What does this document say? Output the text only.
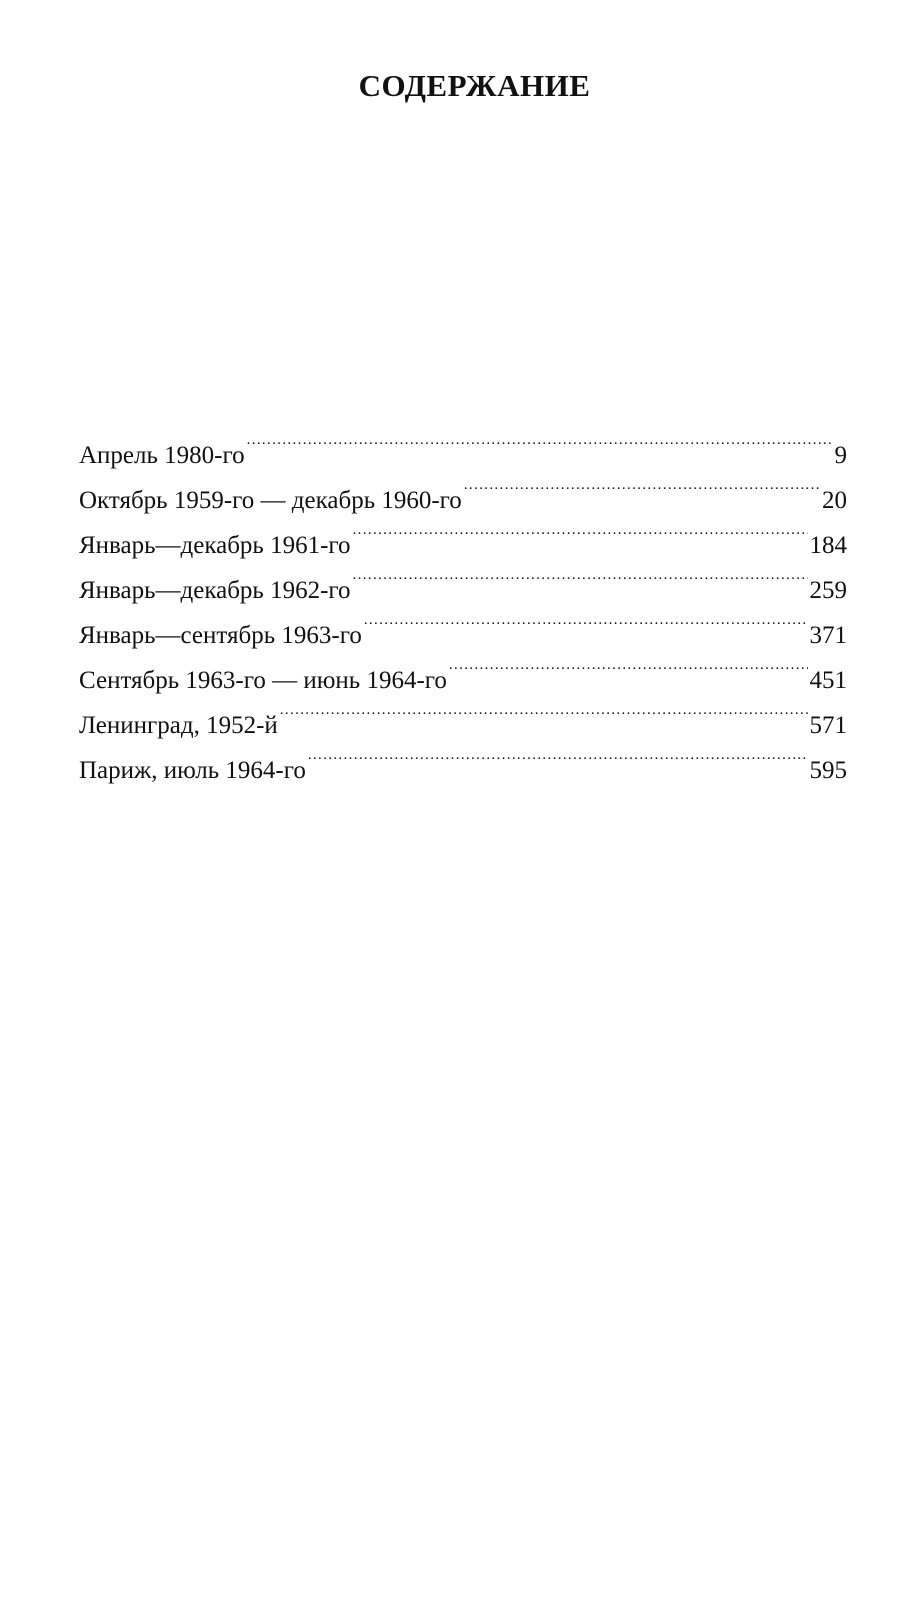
СОДЕРЖАНИЕ
Апрель 1980-го . . .	9
Октябрь 1959-го — декабрь 1960-го . . .	20
Январь—декабрь 1961-го . . .	184
Январь—декабрь 1962-го . . .	259
Январь—сентябрь 1963-го . . .	371
Сентябрь 1963-го — июнь 1964-го . . .	451
Ленинград, 1952-й . . .	571
Париж, июль 1964-го . . .	595
